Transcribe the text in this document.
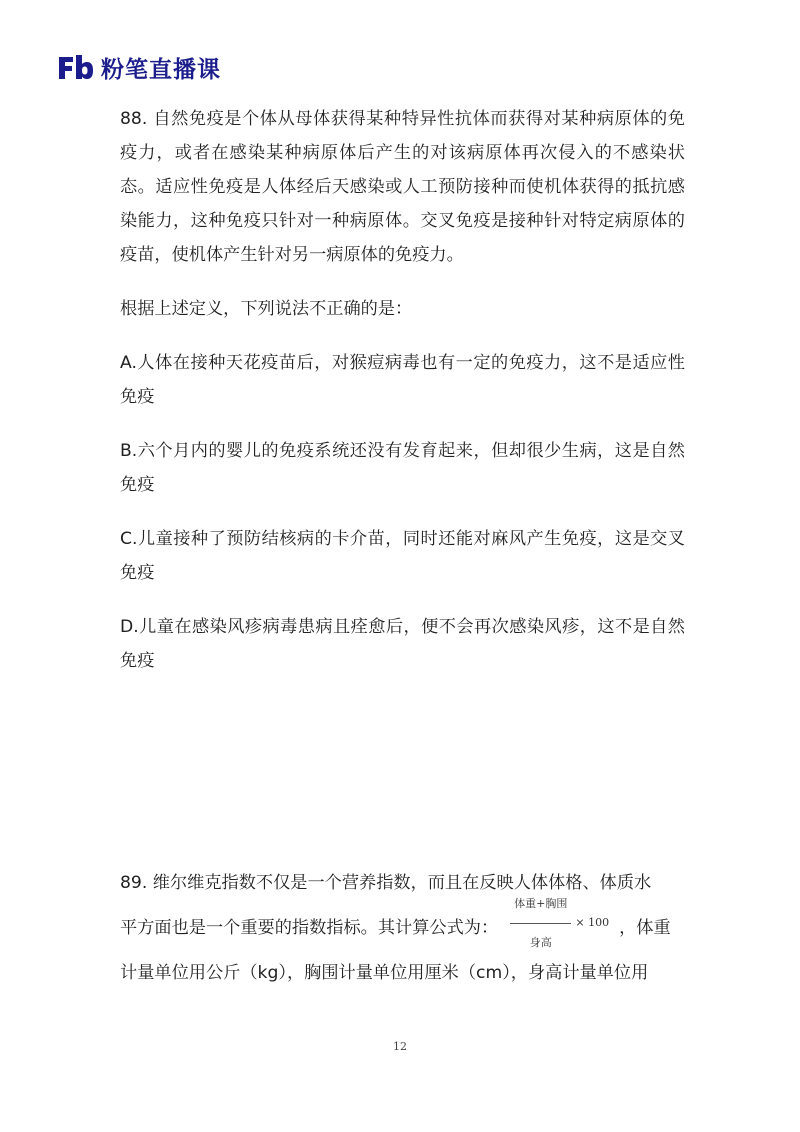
粉笔直播课

88. 自然免疫是个体从母体获得某种特异性抗体而获得对某种病原体的免疫力，或者在感染某种病原体后产生的对该病原体再次侵入的不感染状态。适应性免疫是人体经后天感染或人工预防接种而使机体获得的抵抗感染能力，这种免疫只针对一种病原体。交叉免疫是接种针对特定病原体的疫苗，使机体产生针对另一病原体的免疫力。

根据上述定义，下列说法不正确的是：

A.人体在接种天花疫苗后，对猴痘病毒也有一定的免疫力，这不是适应性免疫

B.六个月内的婴儿的免疫系统还没有发育起来，但却很少生病，这是自然免疫

C.儿童接种了预防结核病的卡介苗，同时还能对麻风产生免疫，这是交叉免疫

D.儿童在感染风疹病毒患病且痊愈后，便不会再次感染风疹，这不是自然免疫

89. 维尔维克指数不仅是一个营养指数，而且在反映人体体格、体质水

平方面也是一个重要的指数指标。其计算公式为： $\frac{\text{体重+胸围}}{\text{身高}} \times 100$ ，体重

计量单位用公斤（kg），胸围计量单位用厘米（cm），身高计量单位用

12
